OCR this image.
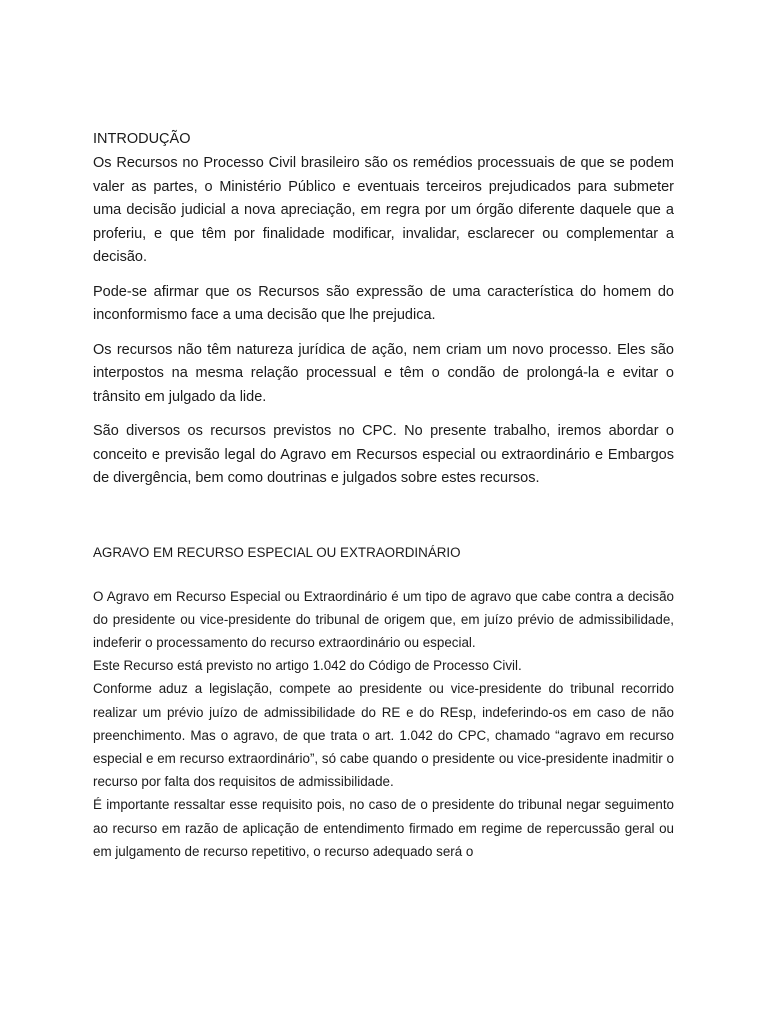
INTRODUÇÃO

Os Recursos no Processo Civil brasileiro são os remédios processuais de que se podem valer as partes, o Ministério Público e eventuais terceiros prejudicados para submeter uma decisão judicial a nova apreciação, em regra por um órgão diferente daquele que a proferiu, e que têm por finalidade modificar, invalidar, esclarecer ou complementar a decisão.

Pode-se afirmar que os Recursos são expressão de uma característica do homem do inconformismo face a uma decisão que lhe prejudica.

Os recursos não têm natureza jurídica de ação, nem criam um novo processo. Eles são interpostos na mesma relação processual e têm o condão de prolongá-la e evitar o trânsito em julgado da lide.

São diversos os recursos previstos no CPC. No presente trabalho, iremos abordar o conceito e previsão legal do Agravo em Recursos especial ou extraordinário e Embargos de divergência, bem como doutrinas e julgados sobre estes recursos.

AGRAVO EM RECURSO ESPECIAL OU EXTRAORDINÁRIO

O Agravo em Recurso Especial ou Extraordinário é um tipo de agravo que cabe contra a decisão do presidente ou vice-presidente do tribunal de origem que, em juízo prévio de admissibilidade, indeferir o processamento do recurso extraordinário ou especial.

Este Recurso está previsto no artigo 1.042 do Código de Processo Civil.

Conforme aduz a legislação, compete ao presidente ou vice-presidente do tribunal recorrido realizar um prévio juízo de admissibilidade do RE e do REsp, indeferindo-os em caso de não preenchimento. Mas o agravo, de que trata o art. 1.042 do CPC, chamado “agravo em recurso especial e em recurso extraordinário”, só cabe quando o presidente ou vice-presidente inadmitir o recurso por falta dos requisitos de admissibilidade.

É importante ressaltar esse requisito pois, no caso de o presidente do tribunal negar seguimento ao recurso em razão de aplicação de entendimento firmado em regime de repercussão geral ou em julgamento de recurso repetitivo, o recurso adequado será o
